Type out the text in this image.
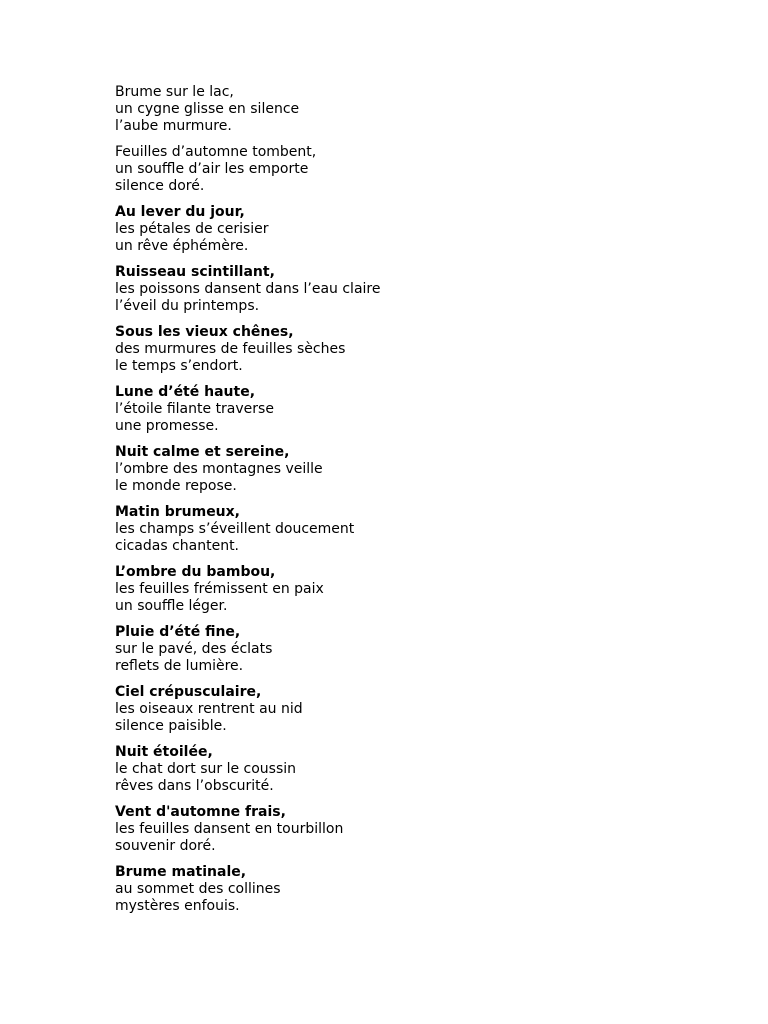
Brume sur le lac,
un cygne glisse en silence
l’aube murmure.
Feuilles d’automne tombent,
un souffle d’air les emporte
silence doré.
Au lever du jour,
les pétales de cerisier
un rêve éphémère.
Ruisseau scintillant,
les poissons dansent dans l’eau claire
l’éveil du printemps.
Sous les vieux chênes,
des murmures de feuilles sèches
le temps s’endort.
Lune d’été haute,
l’étoile filante traverse
une promesse.
Nuit calme et sereine,
l’ombre des montagnes veille
le monde repose.
Matin brumeux,
les champs s’éveillent doucement
cicadas chantent.
L’ombre du bambou,
les feuilles frémissent en paix
un souffle léger.
Pluie d’été fine,
sur le pavé, des éclats
reflets de lumière.
Ciel crépusculaire,
les oiseaux rentrent au nid
silence paisible.
Nuit étoilée,
le chat dort sur le coussin
rêves dans l’obscurité.
Vent d'automne frais,
les feuilles dansent en tourbillon
souvenir doré.
Brume matinale,
au sommet des collines
mystères enfouis.
